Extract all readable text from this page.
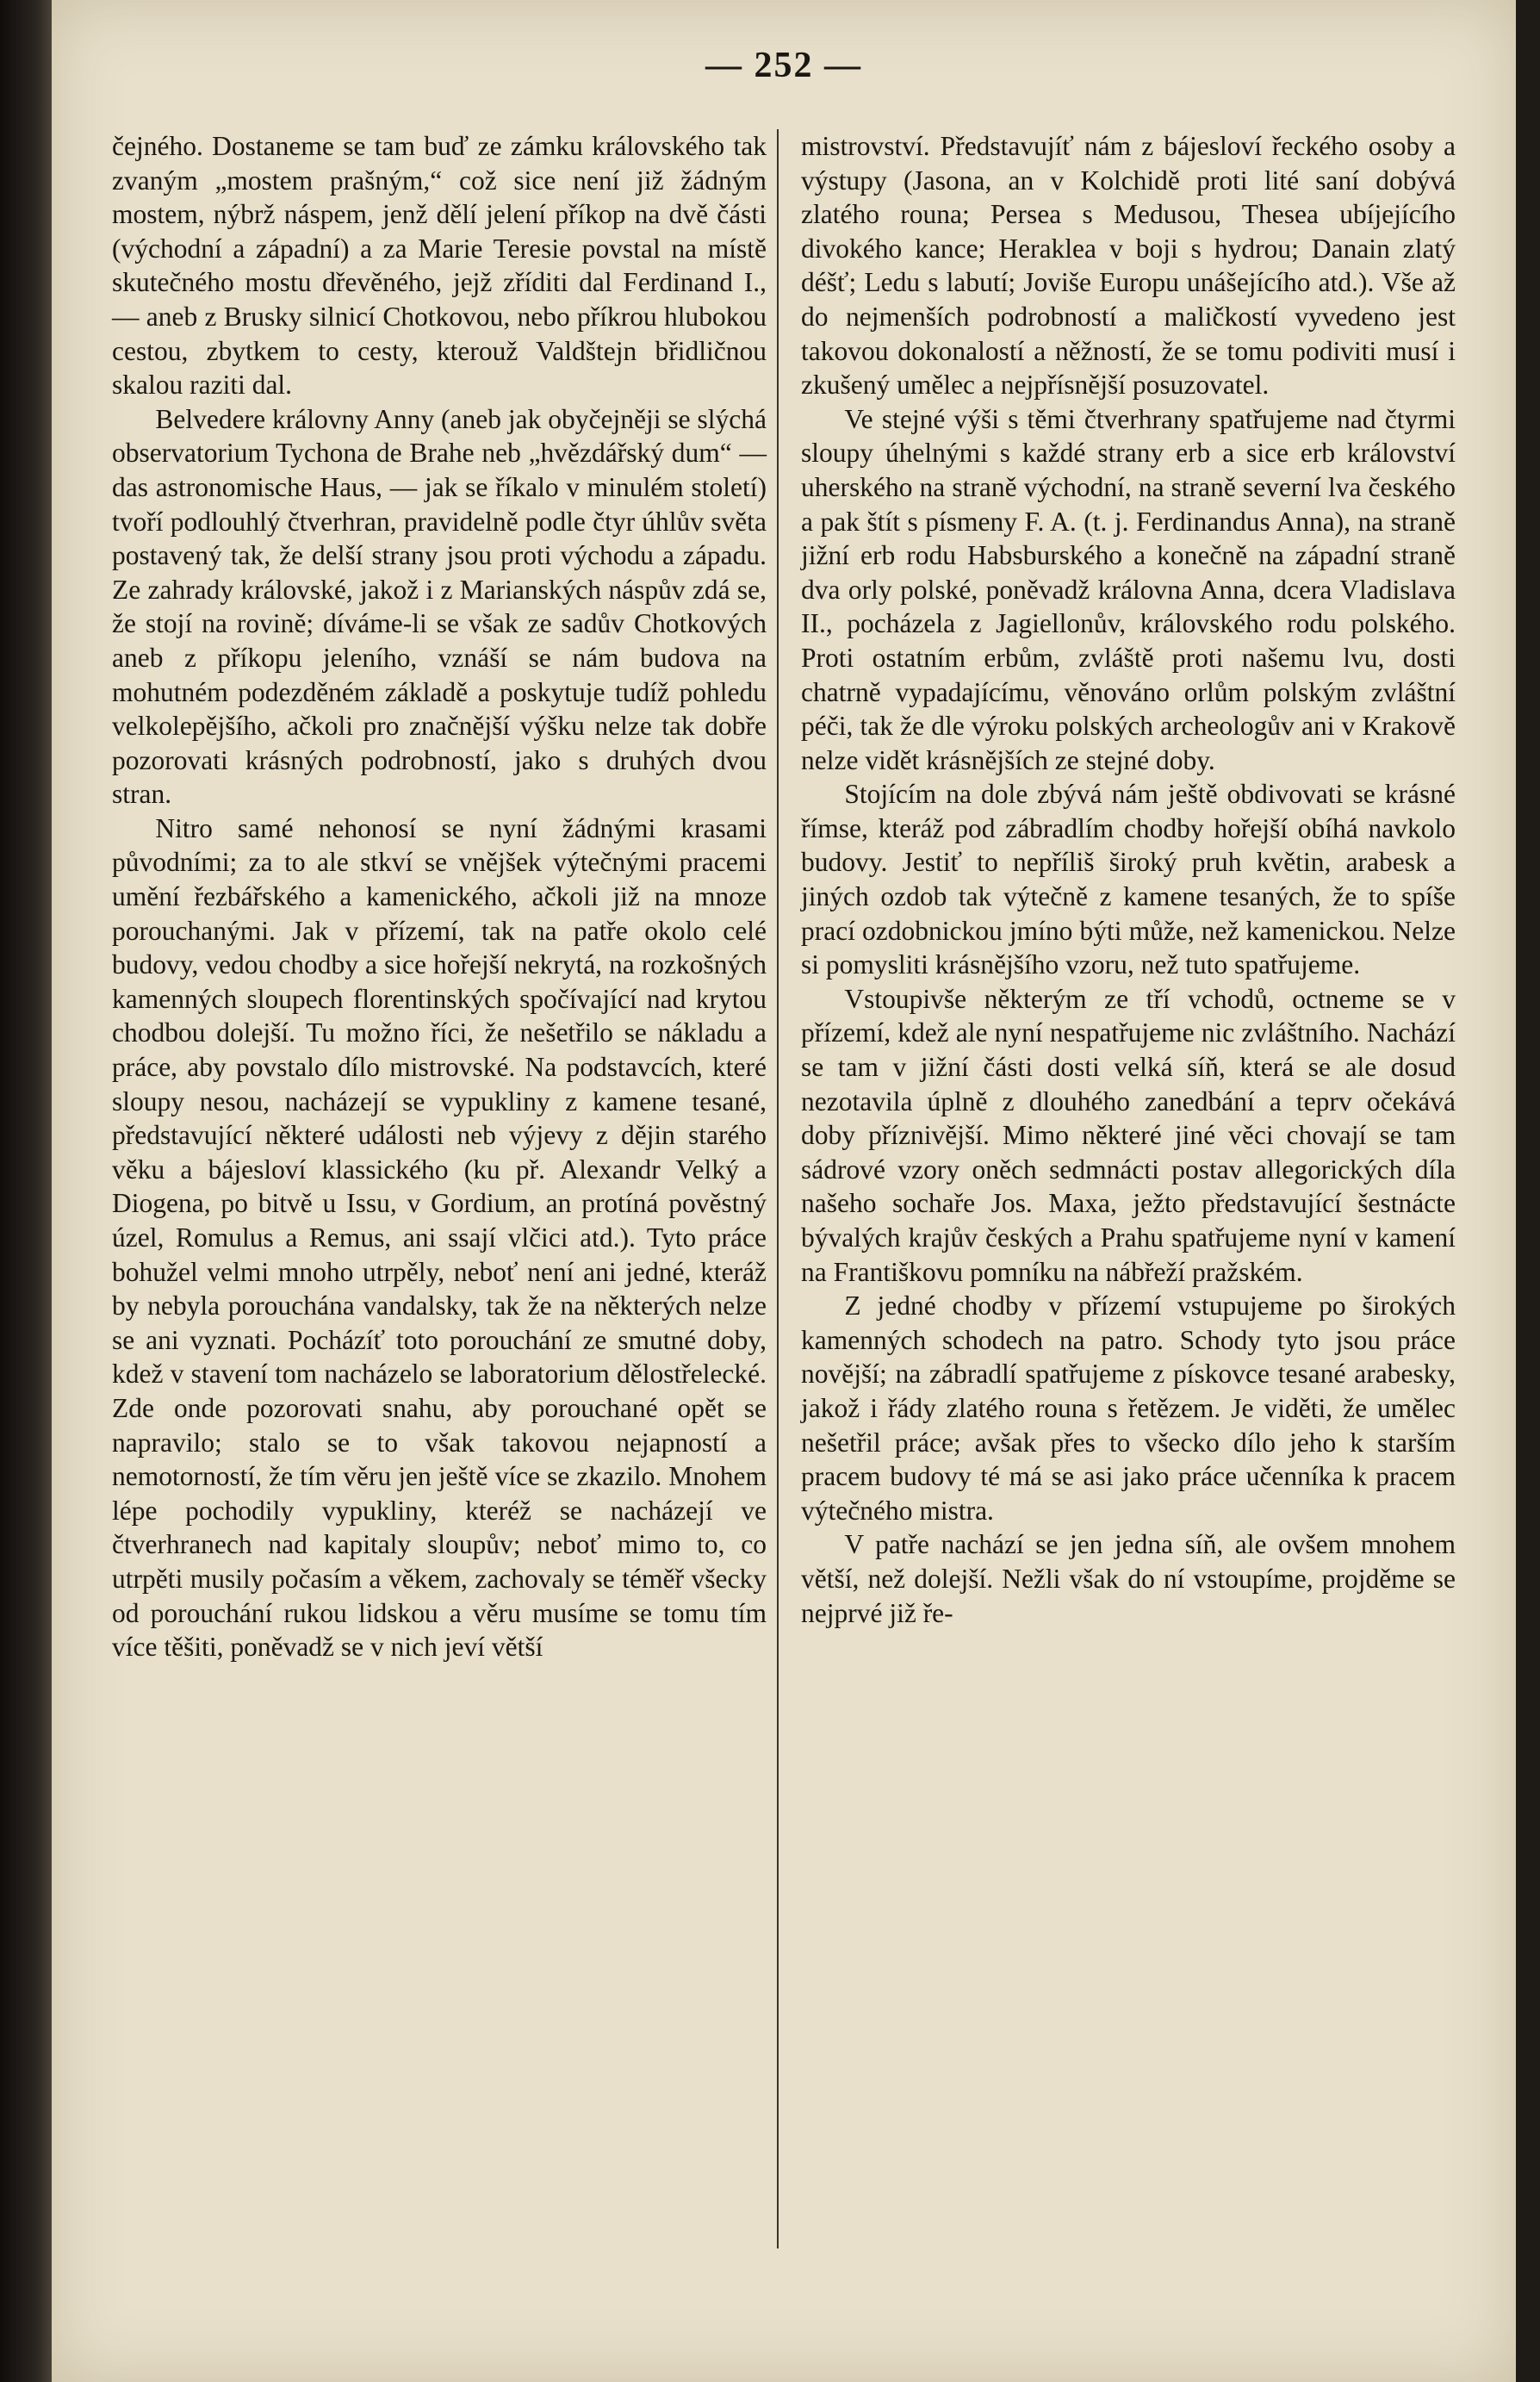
— 252 —

čejného. Dostaneme se tam buď ze zámku královského tak zvaným „mostem prašným,“ což sice není již žádným mostem, nýbrž náspem, jenž dělí jelení příkop na dvě části (východní a západní) a za Marie Teresie povstal na místě skutečného mostu dřevěného, jejž zříditi dal Ferdinand I., — aneb z Brusky silnicí Chotkovou, nebo příkrou hlubokou cestou, zbytkem to cesty, kterouž Valdštejn břidličnou skalou raziti dal.

Belvedere královny Anny (aneb jak obyčejněji se slýchá observatorium Tychona de Brahe neb „hvězdářský dum“ — das astronomische Haus, — jak se říkalo v minulém století) tvoří podlouhlý čtverhran, pravidelně podle čtyr úhlův světa postavený tak, že delší strany jsou proti východu a západu. Ze zahrady královské, jakož i z Marianských náspův zdá se, že stojí na rovině; díváme-li se však ze sadův Chotkových aneb z příkopu jeleního, vznáší se nám budova na mohutném podezděném základě a poskytuje tudíž pohledu velkolepějšího, ačkoli pro značnější výšku nelze tak dobře pozorovati krásných podrobností, jako s druhých dvou stran.

Nitro samé nehonosí se nyní žádnými krasami původními; za to ale stkví se vnějšek výtečnými pracemi umění řezbářského a kamenického, ačkoli již na mnoze porouchanými. Jak v přízemí, tak na patře okolo celé budovy, vedou chodby a sice hořejší nekrytá, na rozkošných kamenných sloupech florentinských spočívající nad krytou chodbou dolejší. Tu možno říci, že nešetřilo se nákladu a práce, aby povstalo dílo mistrovské. Na podstavcích, které sloupy nesou, nacházejí se vypukliny z kamene tesané, představující některé události neb výjevy z dějin starého věku a bájesloví klassického (ku př. Alexandr Velký a Diogena, po bitvě u Issu, v Gordium, an protíná pověstný úzel, Romulus a Remus, ani ssají vlčici atd.). Tyto práce bohužel velmi mnoho utrpěly, neboť není ani jedné, kteráž by nebyla porouchána vandalsky, tak že na některých nelze se ani vyznati. Pocházíť toto porouchání ze smutné doby, kdež v stavení tom nacházelo se laboratorium dělostřelecké. Zde onde pozorovati snahu, aby porouchané opět se napravilo; stalo se to však takovou nejapností a nemotorností, že tím věru jen ještě více se zkazilo. Mnohem lépe pochodily vypukliny, kteréž se nacházejí ve čtverhranech nad kapitaly sloupův; neboť mimo to, co utrpěti musily počasím a věkem, zachovaly se téměř všecky od porouchání rukou lidskou a věru musíme se tomu tím více těšiti, poněvadž se v nich jeví větší

mistrovství. Představujíť nám z bájesloví řeckého osoby a výstupy (Jasona, an v Kolchidě proti lité saní dobývá zlatého rouna; Persea s Medusou, Thesea ubíjejícího divokého kance; Heraklea v boji s hydrou; Danain zlatý déšť; Ledu s labutí; Joviše Europu unášejícího atd.). Vše až do nejmenších podrobností a maličkostí vyvedeno jest takovou dokonalostí a něžností, že se tomu podiviti musí i zkušený umělec a nejpřísnější posuzovatel.

Ve stejné výši s těmi čtverhrany spatřujeme nad čtyrmi sloupy úhelnými s každé strany erb a sice erb království uherského na straně východní, na straně severní lva českého a pak štít s písmeny F. A. (t. j. Ferdinandus Anna), na straně jižní erb rodu Habsburského a konečně na západní straně dva orly polské, poněvadž královna Anna, dcera Vladislava II., pocházela z Jagiellonův, královského rodu polského. Proti ostatním erbům, zvláště proti našemu lvu, dosti chatrně vypadajícímu, věnováno orlům polským zvláštní péči, tak že dle výroku polských archeologův ani v Krakově nelze vidět krásnějších ze stejné doby.

Stojícím na dole zbývá nám ještě obdivovati se krásné římse, kteráž pod zábradlím chodby hořejší obíhá navkolo budovy. Jestiť to nepříliš široký pruh květin, arabesk a jiných ozdob tak výtečně z kamene tesaných, že to spíše prací ozdobnickou jmíno býti může, než kamenickou. Nelze si pomysliti krásnějšího vzoru, než tuto spatřujeme.

Vstoupivše některým ze tří vchodů, octneme se v přízemí, kdež ale nyní nespatřujeme nic zvláštního. Nachází se tam v jižní části dosti velká síň, která se ale dosud nezotavila úplně z dlouhého zanedbání a teprv očekává doby příznivější. Mimo některé jiné věci chovají se tam sádrové vzory oněch sedmnácti postav allegorických díla našeho sochaře Jos. Maxa, ježto představující šestnácte bývalých krajův českých a Prahu spatřujeme nyní v kamení na Františkovu pomníku na nábřeží pražském.

Z jedné chodby v přízemí vstupujeme po širokých kamenných schodech na patro. Schody tyto jsou práce novější; na zábradlí spatřujeme z pískovce tesané arabesky, jakož i řády zlatého rouna s řetězem. Je viděti, že umělec nešetřil práce; avšak přes to všecko dílo jeho k starším pracem budovy té má se asi jako práce učenníka k pracem výtečného mistra.

V patře nachází se jen jedna síň, ale ovšem mnohem větší, než dolejší. Nežli však do ní vstoupíme, projděme se nejprvé již ře-
